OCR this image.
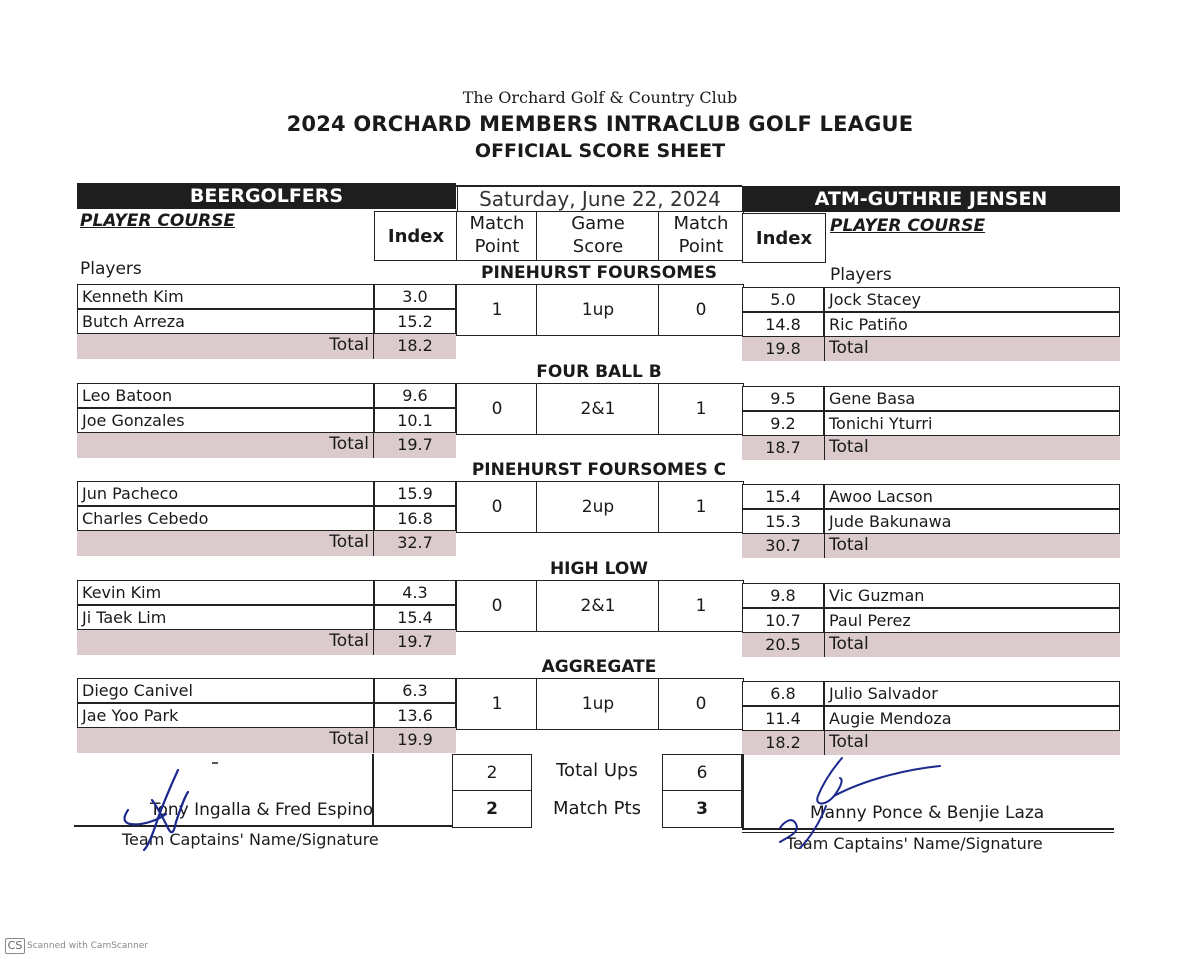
The Orchard Golf & Country Club
2024 ORCHARD MEMBERS INTRACLUB GOLF LEAGUE
OFFICIAL SCORE SHEET
BEERGOLFERS	ATM-GUTHRIE JENSEN
Saturday, June 22, 2024
PLAYER COURSE	PLAYER COURSE
Index
Match
Point
Game
Score
Match
Point	Index
Players	Players
PINEHURST FOURSOMES
Kenneth Kim	3.0
Butch Arreza	15.2
Total	18.2
1	1up	0
5.0	Jock Stacey
14.8	Ric Patiño
19.8	Total
FOUR BALL B
Leo Batoon	9.6
Joe Gonzales	10.1
Total	19.7
0	2&1	1
9.5	Gene Basa
9.2	Tonichi Yturri
18.7	Total
PINEHURST FOURSOMES C
Jun Pacheco	15.9
Charles Cebedo	16.8
Total	32.7
0	2up	1
15.4	Awoo Lacson
15.3	Jude Bakunawa
30.7	Total
HIGH LOW
Kevin Kim	4.3
Ji Taek Lim	15.4
Total	19.7
0	2&1	1
9.8	Vic Guzman
10.7	Paul Perez
20.5	Total
AGGREGATE
Diego Canivel	6.3
Jae Yoo Park	13.6
Total	19.9
1	1up	0
6.8	Julio Salvador
11.4	Augie Mendoza
18.2	Total
2	Total Ups	6
2	Match Pts	3
Tony Ingalla & Fred Espino	Manny Ponce & Benjie Laza
Team Captains' Name/Signature	Team Captains' Name/Signature
CS Scanned with CamScanner
